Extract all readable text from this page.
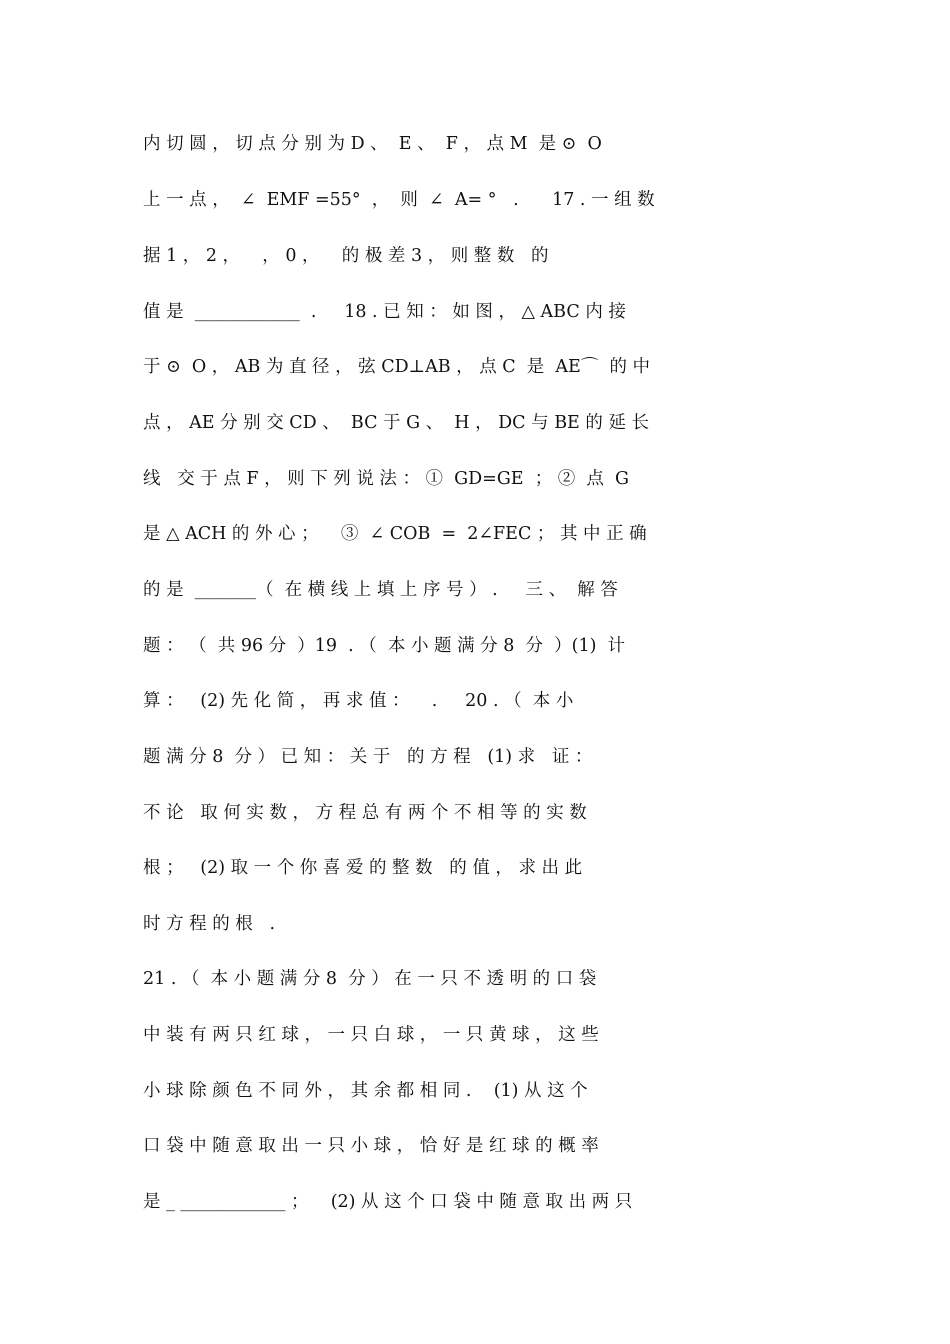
内 切 圆 ， 切 点 分 别 为 D 、  E 、  F ， 点 M  是 ⊙  O
上 一 点 ，  ∠  EMF =55°  ，  则  ∠  A= °   .      17 . 一 组 数
据 1 ， 2 ，    ， 0 ，    的 极 差 3 ， 则 整 数   的
值 是  ____________  .     18 . 已 知 ： 如 图 ， △ ABC 内 接
于 ⊙  O ， AB 为 直 径 ， 弦 CD⊥AB ， 点 C  是  AE⌒  的 中
点 ， AE 分 别 交 CD 、  BC 于 G 、  H ， DC 与 BE 的 延 长
线   交 于 点 F ， 则 下 列 说 法 ： ①  GD=GE  ； ②  点  G
是 △ ACH 的 外 心 ；    ③  ∠ COB  =  2∠FEC ； 其 中 正 确
的 是  _______（  在 横 线 上 填 上 序 号 ） .     三 、  解 答
题 ： （  共 96 分  ）19  . （  本 小 题 满 分 8  分  ）(1)  计
算 ：   (2) 先 化 简 ， 再 求 值 ：    .     20 . （  本 小
题 满 分 8  分 ） 已 知 ： 关 于   的 方 程   (1) 求   证 ：
不 论   取 何 实 数 ， 方 程 总 有 两 个 不 相 等 的 实 数
根 ；   (2) 取 一 个 你 喜 爱 的 整 数   的 值 ， 求 出 此
时 方 程 的 根   .
21 . （  本 小 题 满 分 8  分 ） 在 一 只 不 透 明 的 口 袋
中 装 有 两 只 红 球 ， 一 只 白 球 ， 一 只 黄 球 ， 这 些
小 球 除 颜 色 不 同 外 ， 其 余 都 相 同 .    (1) 从 这 个
口 袋 中 随 意 取 出 一 只 小 球 ， 恰 好 是 红 球 的 概 率
是 _ ____________ ；    (2) 从 这 个 口 袋 中 随 意 取 出 两 只
